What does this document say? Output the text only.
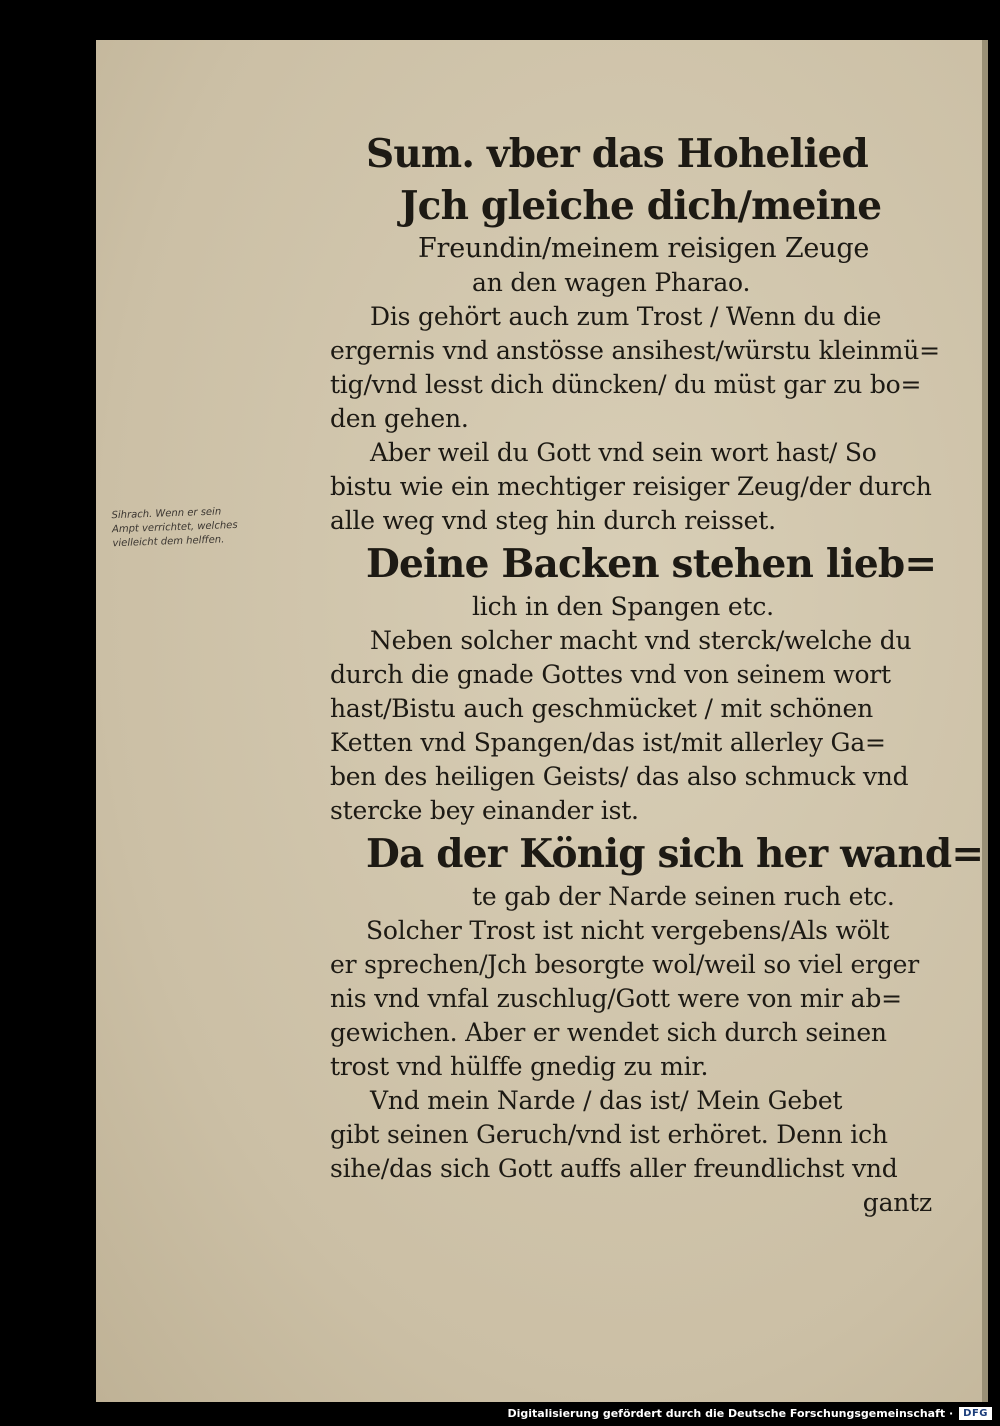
Sum. vber das Hohelied
Jch gleiche dich/meine
Freundin/meinem reisigen Zeuge
an den wagen Pharao.
Dis gehört auch zum Trost / Wenn du die
ergernis vnd anstösse ansihest/würstu kleinmü=
tig/vnd lesst dich düncken/ du müst gar zu bo=
den gehen.
Aber weil du Gott vnd sein wort hast/ So
bistu wie ein mechtiger reisiger Zeug/der durch
alle weg vnd steg hin durch reisset.
Deine Backen stehen lieb=
lich in den Spangen etc.
Neben solcher macht vnd sterck/welche du
durch die gnade Gottes vnd von seinem wort
hast/Bistu auch geschmücket / mit schönen
Ketten vnd Spangen/das ist/mit allerley Ga=
ben des heiligen Geists/ das also schmuck vnd
stercke bey einander ist.
Da der König sich her wand=
te gab der Narde seinen ruch etc.
Solcher Trost ist nicht vergebens/Als wölt
er sprechen/Jch besorgte wol/weil so viel erger
nis vnd vnfal zuschlug/Gott were von mir ab=
gewichen. Aber er wendet sich durch seinen
trost vnd hülffe gnedig zu mir.
Vnd mein Narde / das ist/ Mein Gebet
gibt seinen Geruch/vnd ist erhöret. Denn ich
sihe/das sich Gott auffs aller freundlichst vnd
gantz
Sihrach. Wenn er sein
Ampt verrichtet, welches
vielleicht dem helffen.
Digitalisierung gefördert durch die Deutsche Forschungsgemeinschaft ·	DFG
